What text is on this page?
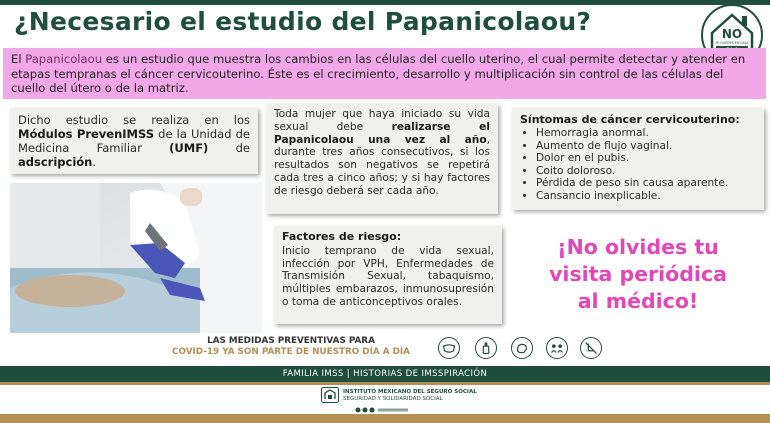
¿Necesario el estudio del Papanicolaou?	NO
TE QUEDES EN CASA
El Papanicolaou es un estudio que muestra los cambios en las células del cuello uterino, el cual permite detectar y atender en etapas tempranas el cáncer cervicouterino. Éste es el crecimiento, desarrollo y multiplicación sin control de las células del cuello del útero o de la matriz.
Dicho estudio se realiza en los Módulos PrevenIMSS de la Unidad de Medicina Familiar (UMF) de adscripción.
Toda mujer que haya iniciado su vida sexual debe realizarse el Papanicolaou una vez al año, durante tres años consecutivos, si los resultados son negativos se repetirá cada tres a cinco años; y si hay factores de riesgo deberá ser cada año.
Síntomas de cáncer cervicouterino:
• Hemorragia anormal.
• Aumento de flujo vaginal.
• Dolor en el pubis.
• Coito doloroso.
• Pérdida de peso sin causa aparente.
• Cansancio inexplicable.
Factores de riesgo:
Inicio temprano de vida sexual, infección por VPH, Enfermedades de Transmisión Sexual, tabaquismo, múltiples embarazos, inmunosupresión o toma de anticonceptivos orales.
¡No olvides tu
visita periódica
al médico!
LAS MEDIDAS PREVENTIVAS PARA
COVID-19 YA SON PARTE DE NUESTRO DÍA A DÍA
FAMILIA IMSS | HISTORIAS DE IMSSPIRACIÓN
INSTITUTO MEXICANO DEL SEGURO SOCIAL
SEGURIDAD Y SOLIDARIDAD SOCIAL
